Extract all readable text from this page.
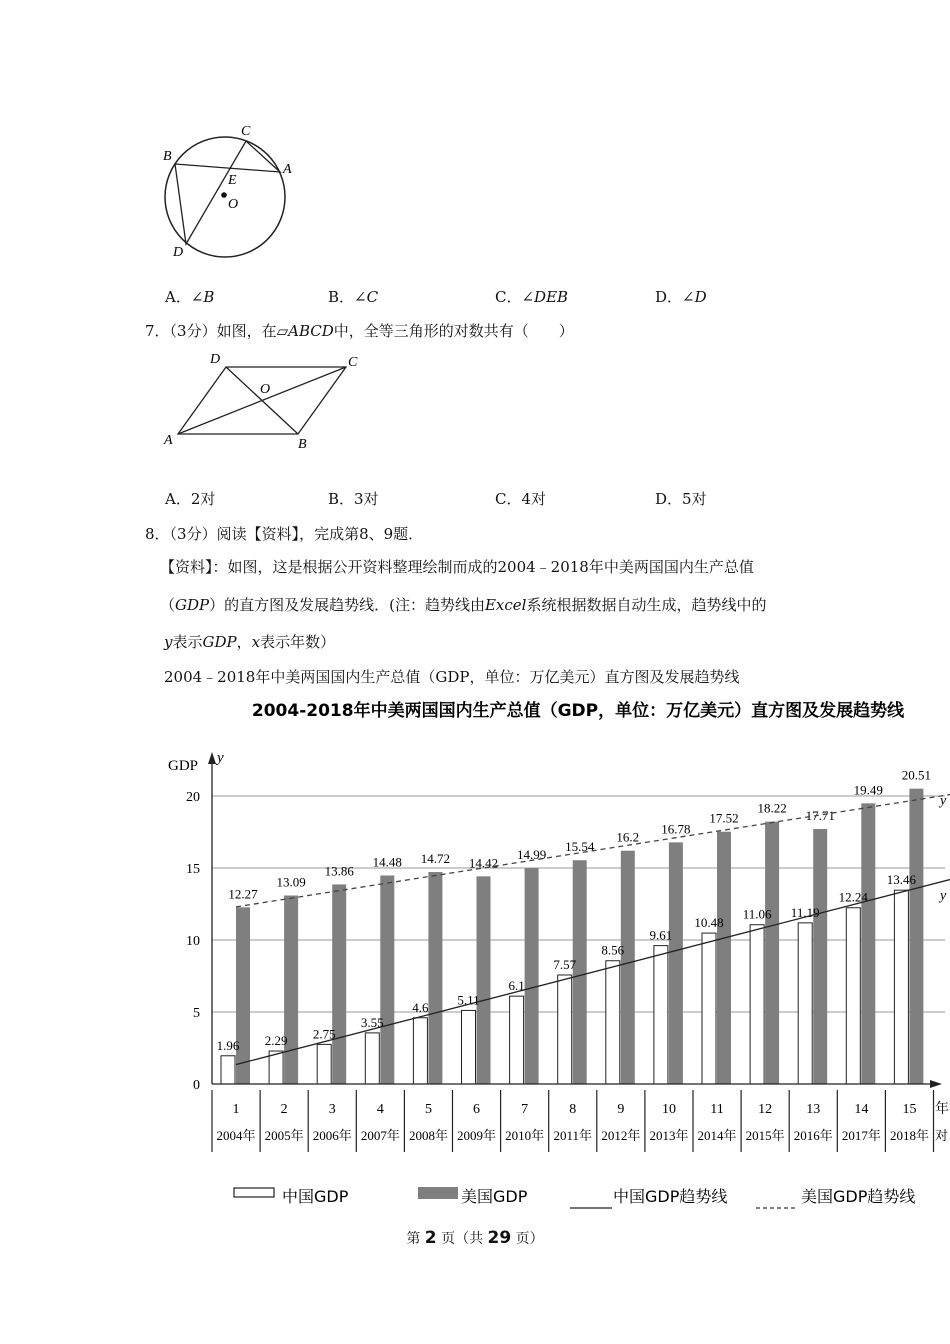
B
C
A
E
O
D
A．∠B	B．∠C	C．∠DEB	D．∠D
7．（3分）如图，在▱ABCD中，全等三角形的对数共有（　　）
D	C
O
A	B
A．2对	B．3对	C．4对	D．5对
8．（3分）阅读【资料】，完成第8、9题．
【资料】：如图，这是根据公开资料整理绘制而成的2004﹣2018年中美两国国内生产总值
（GDP）的直方图及发展趋势线．(注：趋势线由Excel系统根据数据自动生成，趋势线中的
y表示GDP，x表示年数）
2004﹣2018年中美两国国内生产总值（GDP，单位：万亿美元）直方图及发展趋势线
2004-2018年中美两国国内生产总值（GDP，单位：万亿美元）直方图及发展趋势线
1.96
12.27
2.29
13.09
2.75
13.86
3.55
14.48
4.6
14.72
5.11
14.42
6.1
14.99
7.57
15.54
8.56
16.2
9.61
16.78
10.48
17.52
11.06
18.22
11.19
17.71
12.24
19.49
13.46
20.51
y
y
0
5
10
15
20
GDP y
1
2004年
2
2005年
3
2006年
4
2007年
5
2008年
6
2009年
7
2010年
8
2011年
9
2012年
10
2013年
11
2014年
12
2015年
13
2016年
14
2017年
15
2018年
年
对
中国GDP	美国GDP	中国GDP趋势线	美国GDP趋势线
第 2 页（共 29 页）
